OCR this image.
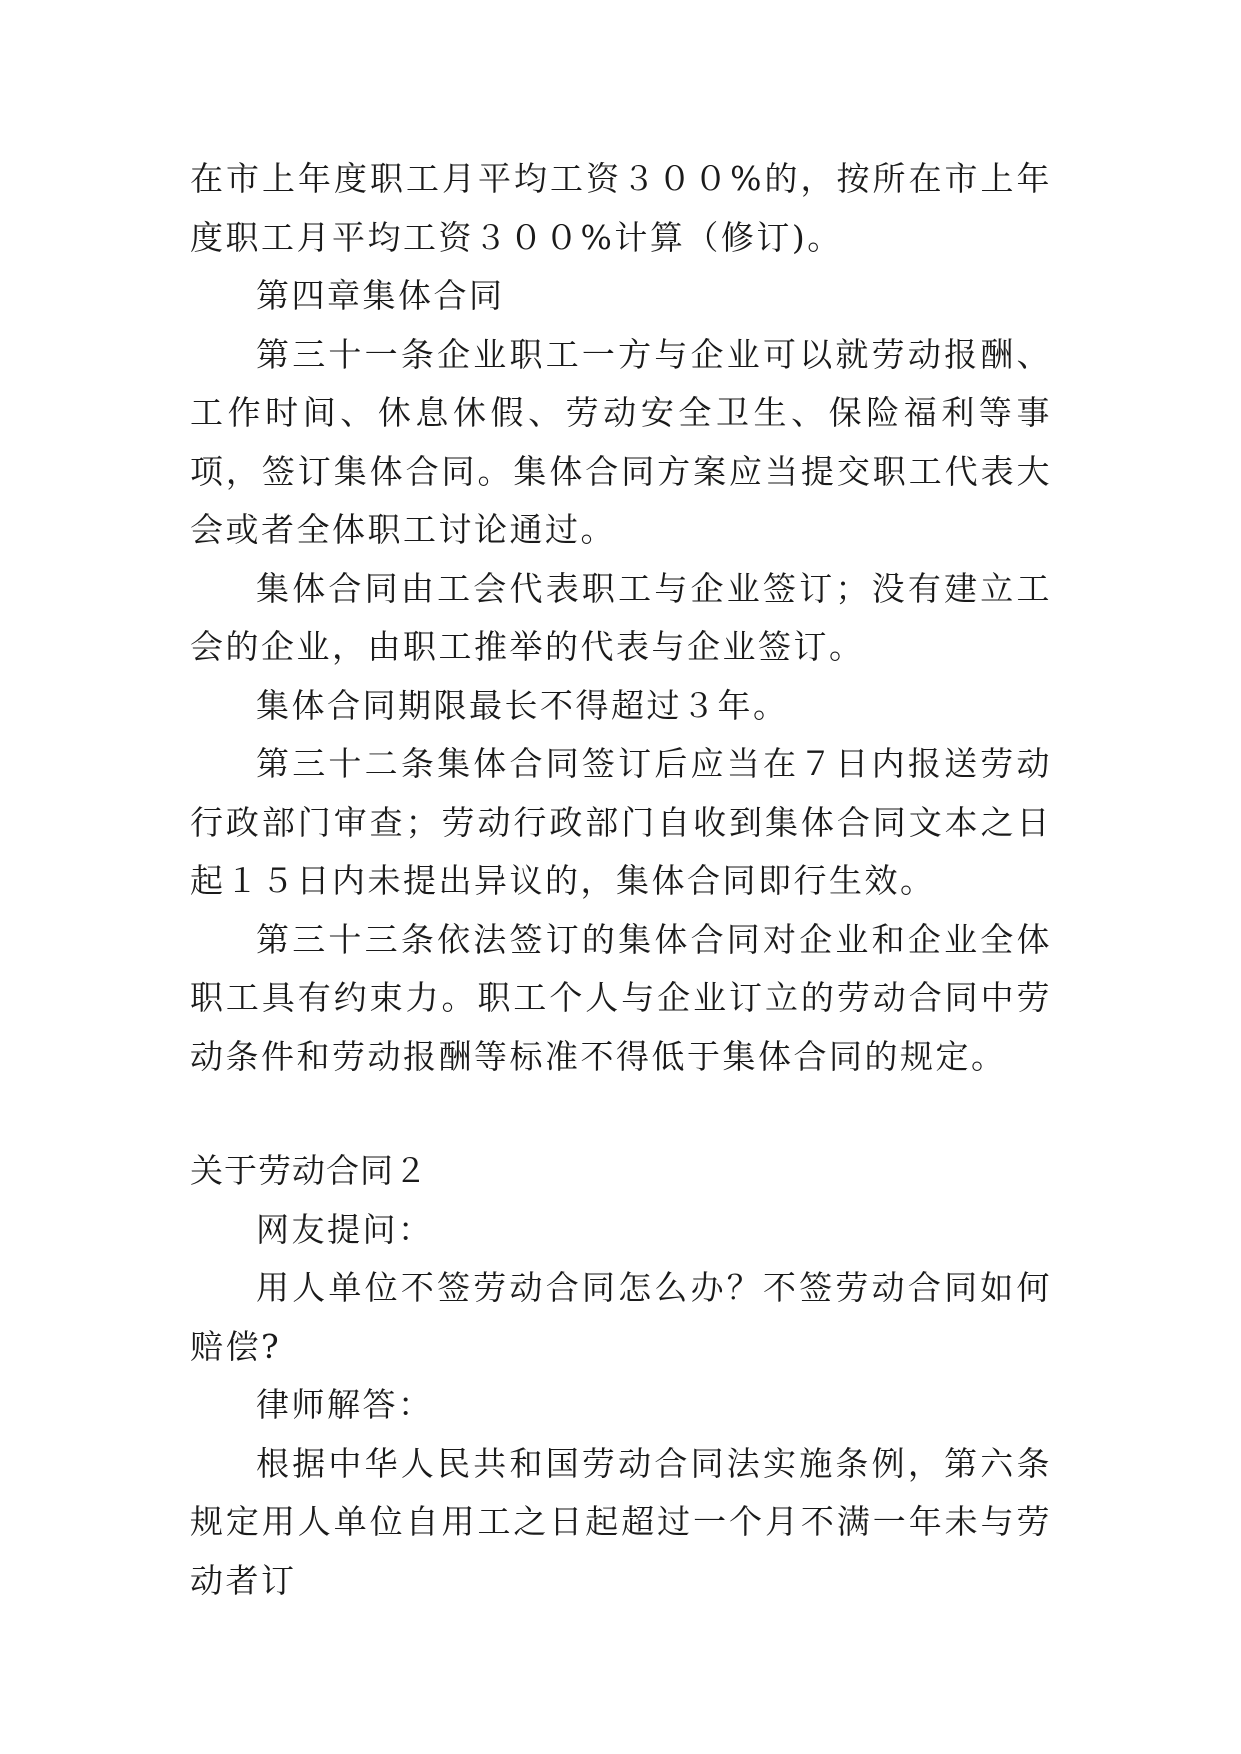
在市上年度职工月平均工资３００%的，按所在市上年度职工月平均工资３００%计算（修订)。

第四章集体合同

第三十一条企业职工一方与企业可以就劳动报酬、工作时间、休息休假、劳动安全卫生、保险福利等事项，签订集体合同。集体合同方案应当提交职工代表大会或者全体职工讨论通过。

集体合同由工会代表职工与企业签订；没有建立工会的企业，由职工推举的代表与企业签订。

集体合同期限最长不得超过３年。

第三十二条集体合同签订后应当在７日内报送劳动行政部门审查；劳动行政部门自收到集体合同文本之日起１５日内未提出异议的，集体合同即行生效。

第三十三条依法签订的集体合同对企业和企业全体职工具有约束力。职工个人与企业订立的劳动合同中劳动条件和劳动报酬等标准不得低于集体合同的规定。

关于劳动合同２

网友提问：

用人单位不签劳动合同怎么办？不签劳动合同如何赔偿?

律师解答：

根据中华人民共和国劳动合同法实施条例，第六条规定用人单位自用工之日起超过一个月不满一年未与劳动者订
